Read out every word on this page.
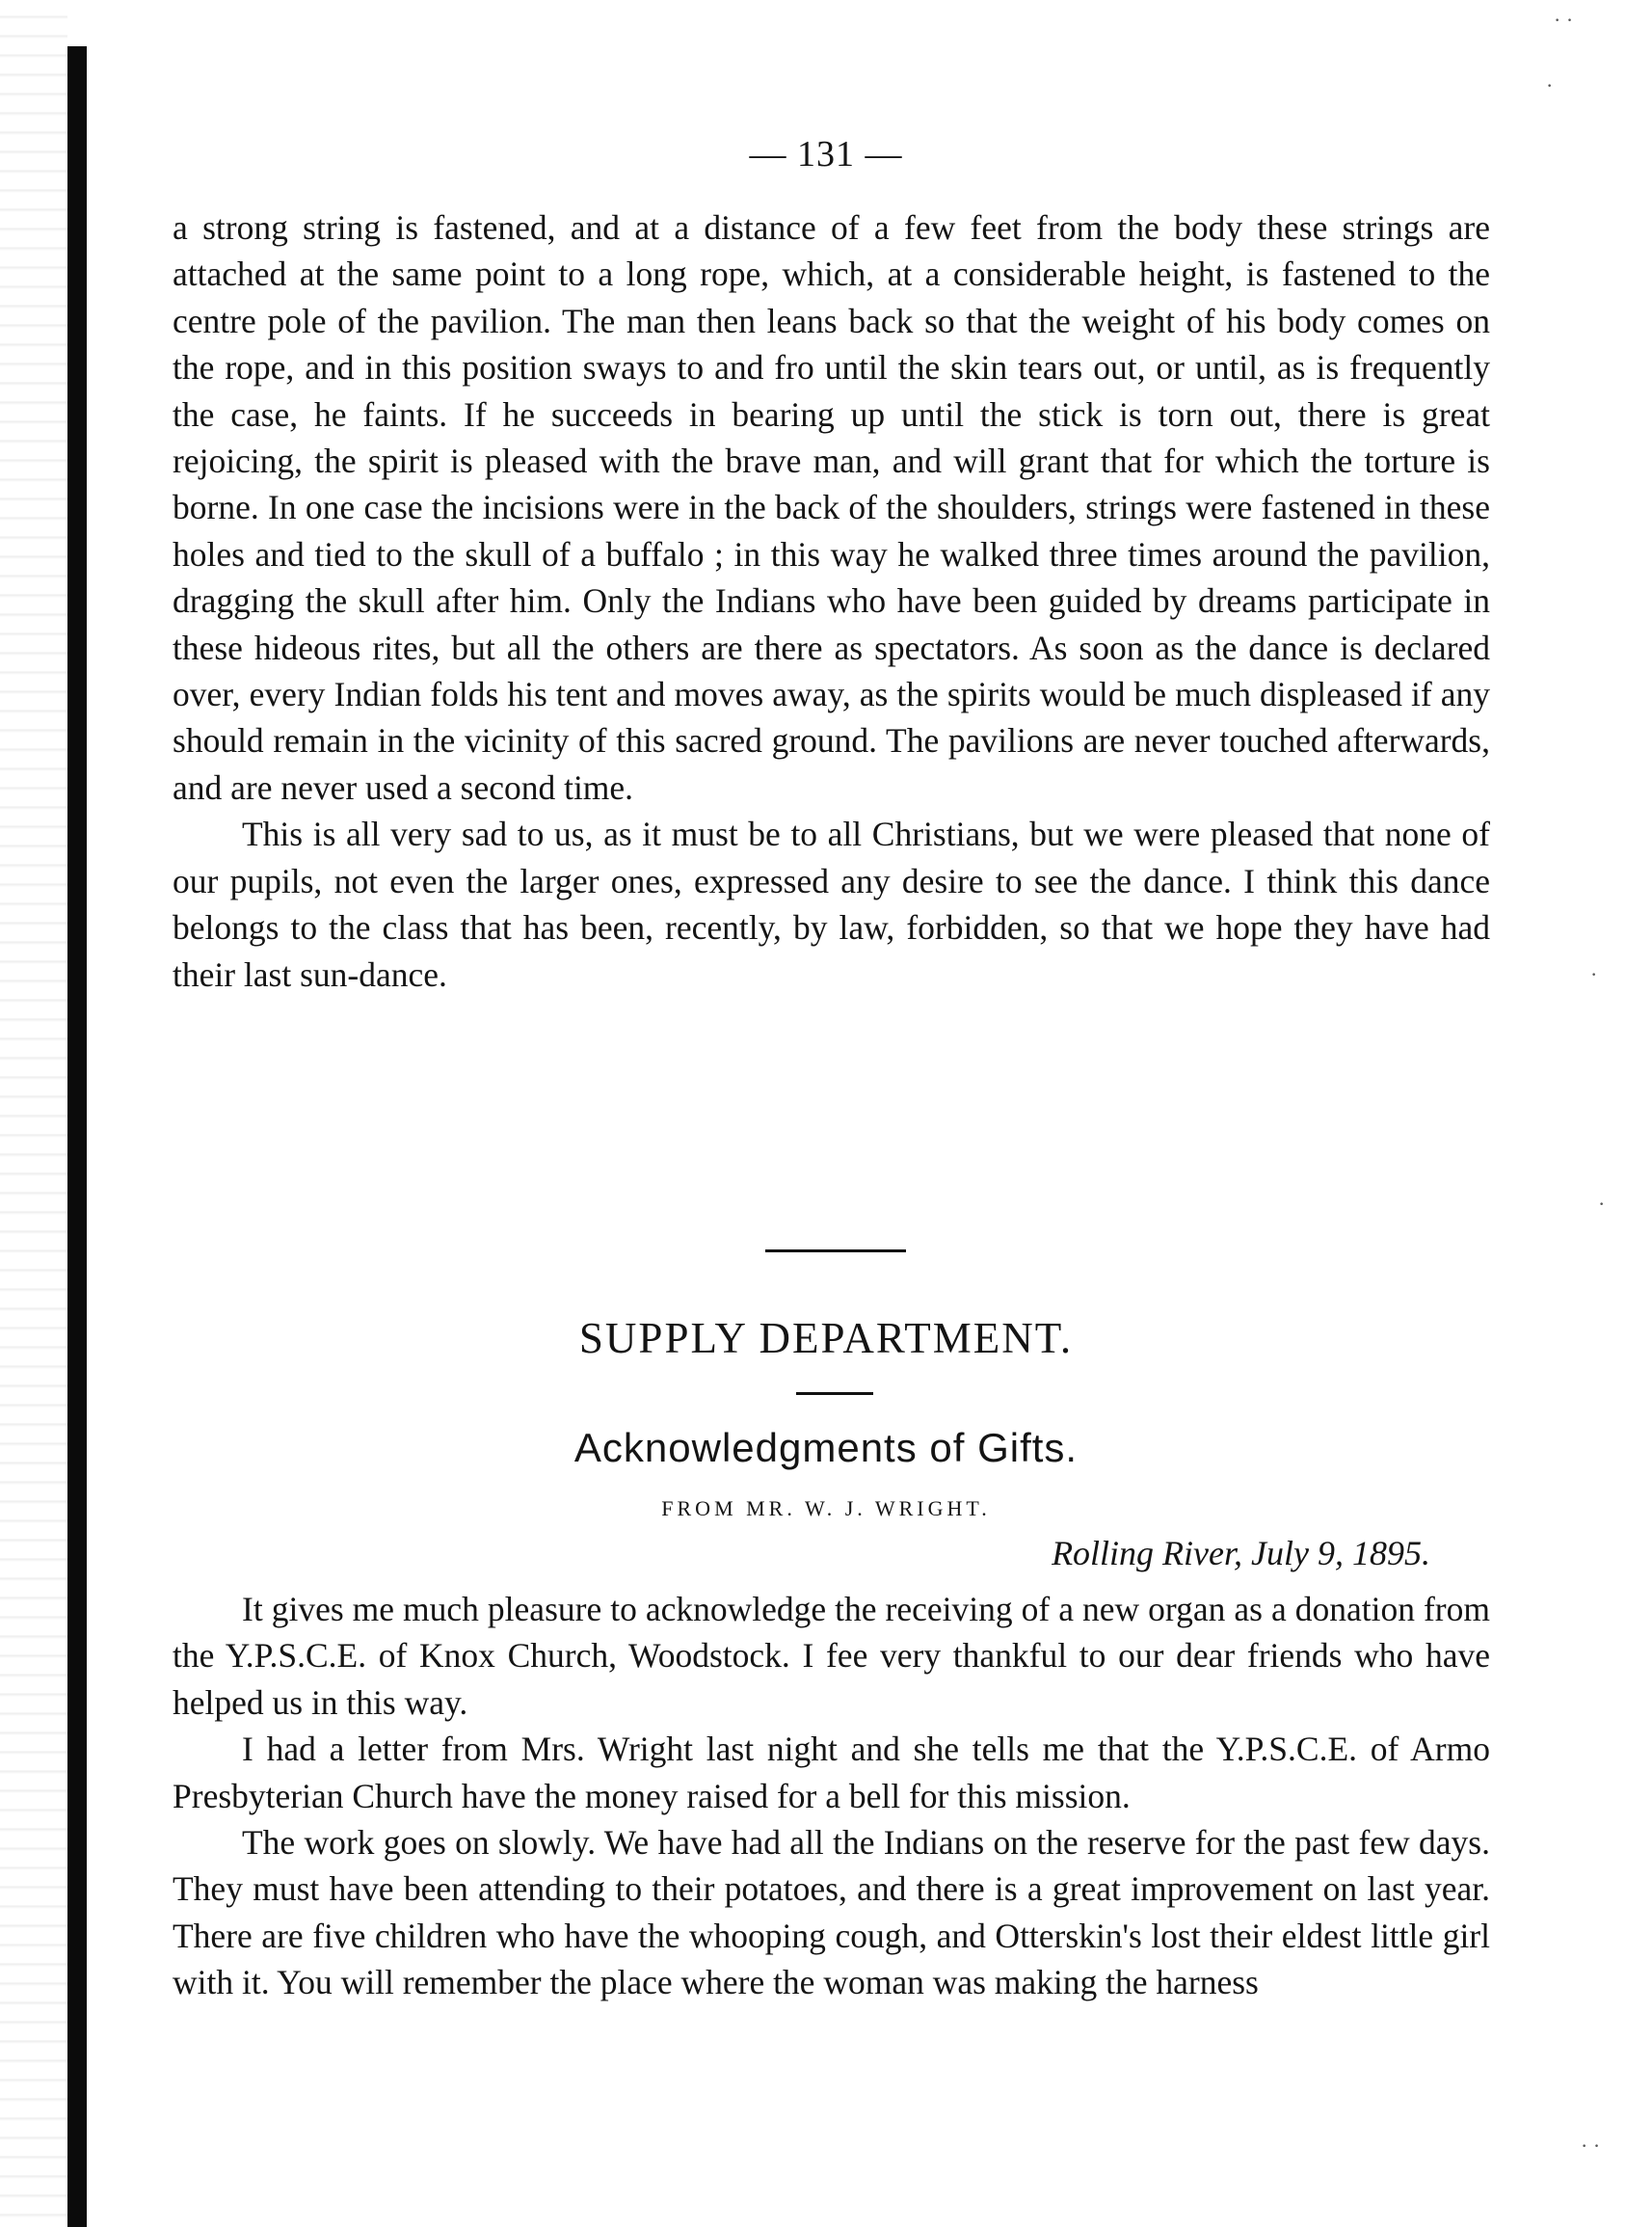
— 131 —

a strong string is fastened, and at a distance of a few feet from the body these strings are attached at the same point to a long rope, which, at a considerable height, is fastened to the centre pole of the pavilion. The man then leans back so that the weight of his body comes on the rope, and in this position sways to and fro until the skin tears out, or until, as is frequently the case, he faints. If he succeeds in bearing up until the stick is torn out, there is great rejoicing, the spirit is pleased with the brave man, and will grant that for which the torture is borne. In one case the incisions were in the back of the shoulders, strings were fastened in these holes and tied to the skull of a buffalo ; in this way he walked three times around the pavilion, dragging the skull after him. Only the Indians who have been guided by dreams participate in these hideous rites, but all the others are there as spectators. As soon as the dance is declared over, every Indian folds his tent and moves away, as the spirits would be much displeased if any should remain in the vicinity of this sacred ground. The pavilions are never touched afterwards, and are never used a second time.

This is all very sad to us, as it must be to all Christians, but we were pleased that none of our pupils, not even the larger ones, expressed any desire to see the dance. I think this dance belongs to the class that has been, recently, by law, forbidden, so that we hope they have had their last sun-dance.

SUPPLY DEPARTMENT.
Acknowledgments of Gifts.
FROM MR. W. J. WRIGHT.
Rolling River, July 9, 1895.

It gives me much pleasure to acknowledge the receiving of a new organ as a donation from the Y.P.S.C.E. of Knox Church, Woodstock. I fee very thankful to our dear friends who have helped us in this way.

I had a letter from Mrs. Wright last night and she tells me that the Y.P.S.C.E. of Armo Presbyterian Church have the money raised for a bell for this mission.

The work goes on slowly. We have had all the Indians on the reserve for the past few days. They must have been attending to their potatoes, and there is a great improvement on last year. There are five children who have the whooping cough, and Otterskin's lost their eldest little girl with it. You will remember the place where the woman was making the harness

· ·
·
·
·
· ·
